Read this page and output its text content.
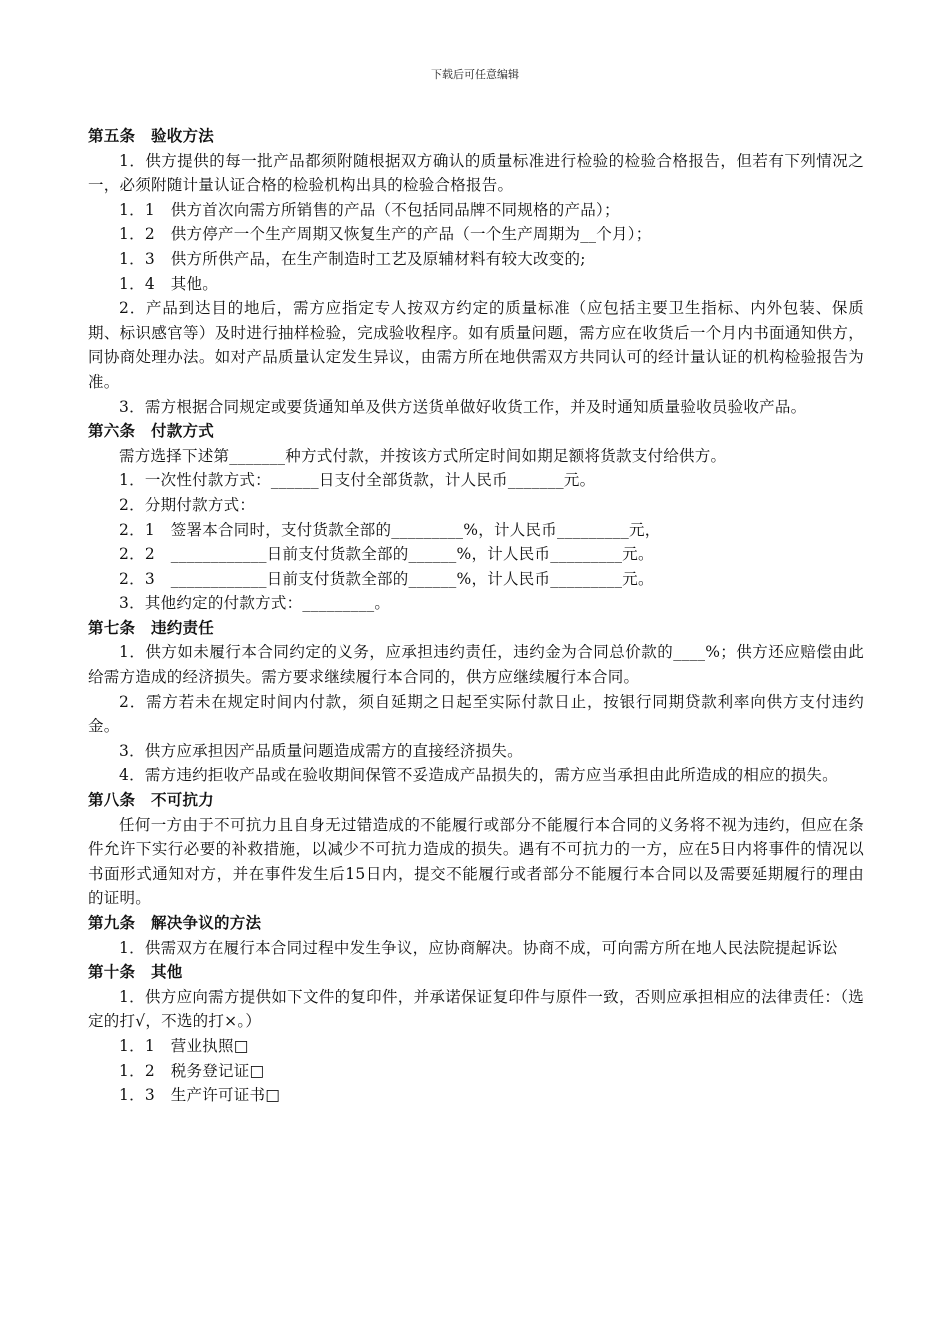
下载后可任意编辑

第五条　验收方法

1．供方提供的每一批产品都须附随根据双方确认的质量标准进行检验的检验合格报告，但若有下列情况之一，必须附随计量认证合格的检验机构出具的检验合格报告。

1．1　供方首次向需方所销售的产品（不包括同品牌不同规格的产品）；

1．2　供方停产一个生产周期又恢复生产的产品（一个生产周期为__个月）；

1．3　供方所供产品，在生产制造时工艺及原辅材料有较大改变的;

1．4　其他。

2．产品到达目的地后，需方应指定专人按双方约定的质量标准（应包括主要卫生指标、内外包装、保质期、标识感官等）及时进行抽样检验，完成验收程序。如有质量问题，需方应在收货后一个月内书面通知供方，同协商处理办法。如对产品质量认定发生异议，由需方所在地供需双方共同认可的经计量认证的机构检验报告为准。

3．需方根据合同规定或要货通知单及供方送货单做好收货工作，并及时通知质量验收员验收产品。

第六条　付款方式

需方选择下述第_______种方式付款，并按该方式所定时间如期足额将货款支付给供方。

1．一次性付款方式：______日支付全部货款，计人民币_______元。

2．分期付款方式：

2．1　签署本合同时，支付货款全部的_________%，计人民币_________元，

2．2　____________日前支付货款全部的______%，计人民币_________元。

2．3　____________日前支付货款全部的______%，计人民币_________元。

3．其他约定的付款方式：_________。

第七条　违约责任

1．供方如未履行本合同约定的义务，应承担违约责任，违约金为合同总价款的____%；供方还应赔偿由此给需方造成的经济损失。需方要求继续履行本合同的，供方应继续履行本合同。

2．需方若未在规定时间内付款，须自延期之日起至实际付款日止，按银行同期贷款利率向供方支付违约金。

3．供方应承担因产品质量问题造成需方的直接经济损失。

4．需方违约拒收产品或在验收期间保管不妥造成产品损失的，需方应当承担由此所造成的相应的损失。

第八条　不可抗力

任何一方由于不可抗力且自身无过错造成的不能履行或部分不能履行本合同的义务将不视为违约，但应在条件允许下实行必要的补救措施，以减少不可抗力造成的损失。遇有不可抗力的一方，应在5日内将事件的情况以书面形式通知对方，并在事件发生后15日内，提交不能履行或者部分不能履行本合同以及需要延期履行的理由的证明。

第九条　解决争议的方法

1．供需双方在履行本合同过程中发生争议，应协商解决。协商不成，可向需方所在地人民法院提起诉讼

第十条　其他

1．供方应向需方提供如下文件的复印件，并承诺保证复印件与原件一致，否则应承担相应的法律责任：（选定的打√，不选的打×。）

1．1　营业执照□

1．2　税务登记证□

1．3　生产许可证书□
